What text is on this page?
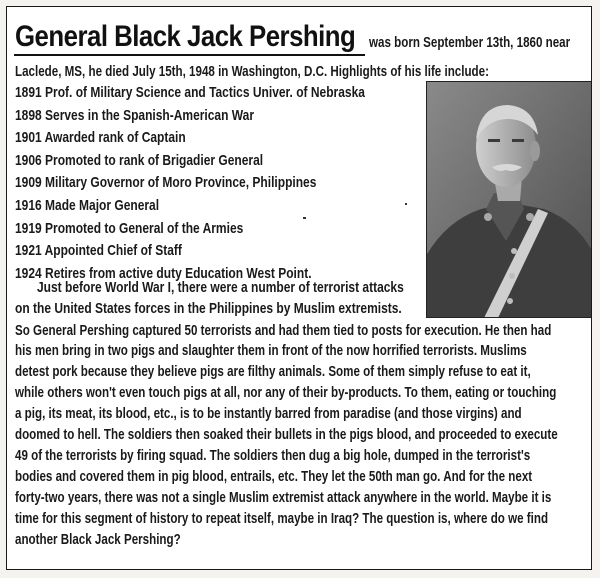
General Black Jack Pershing was born September 13th, 1860 near
Laclede, MS, he died July 15th, 1948 in Washington, D.C. Highlights of his life include:
1891 Prof. of Military Science and Tactics Univer. of Nebraska
1898 Serves in the Spanish-American War
1901 Awarded rank of Captain
1906 Promoted to rank of Brigadier General
1909 Military Governor of Moro Province, Philippines
1916 Made Major General
1919 Promoted to General of the Armies
1921 Appointed Chief of Staff
1924 Retires from active duty Education West Point.
Just before World War I, there were a number of terrorist attacks
on the United States forces in the Philippines by Muslim extremists.
So General Pershing captured 50 terrorists and had them tied to posts for execution. He then had
his men bring in two pigs and slaughter them in front of the now horrified terrorists. Muslims
detest pork because they believe pigs are filthy animals. Some of them simply refuse to eat it,
while others won't even touch pigs at all, nor any of their by-products. To them, eating or touching
a pig, its meat, its blood, etc., is to be instantly barred from paradise (and those virgins) and
doomed to hell. The soldiers then soaked their bullets in the pigs blood, and proceeded to execute
49 of the terrorists by firing squad. The soldiers then dug a big hole, dumped in the terrorist's
bodies and covered them in pig blood, entrails, etc. They let the 50th man go. And for the next
forty-two years, there was not a single Muslim extremist attack anywhere in the world. Maybe it is
time for this segment of history to repeat itself, maybe in Iraq? The question is, where do we find
another Black Jack Pershing?
